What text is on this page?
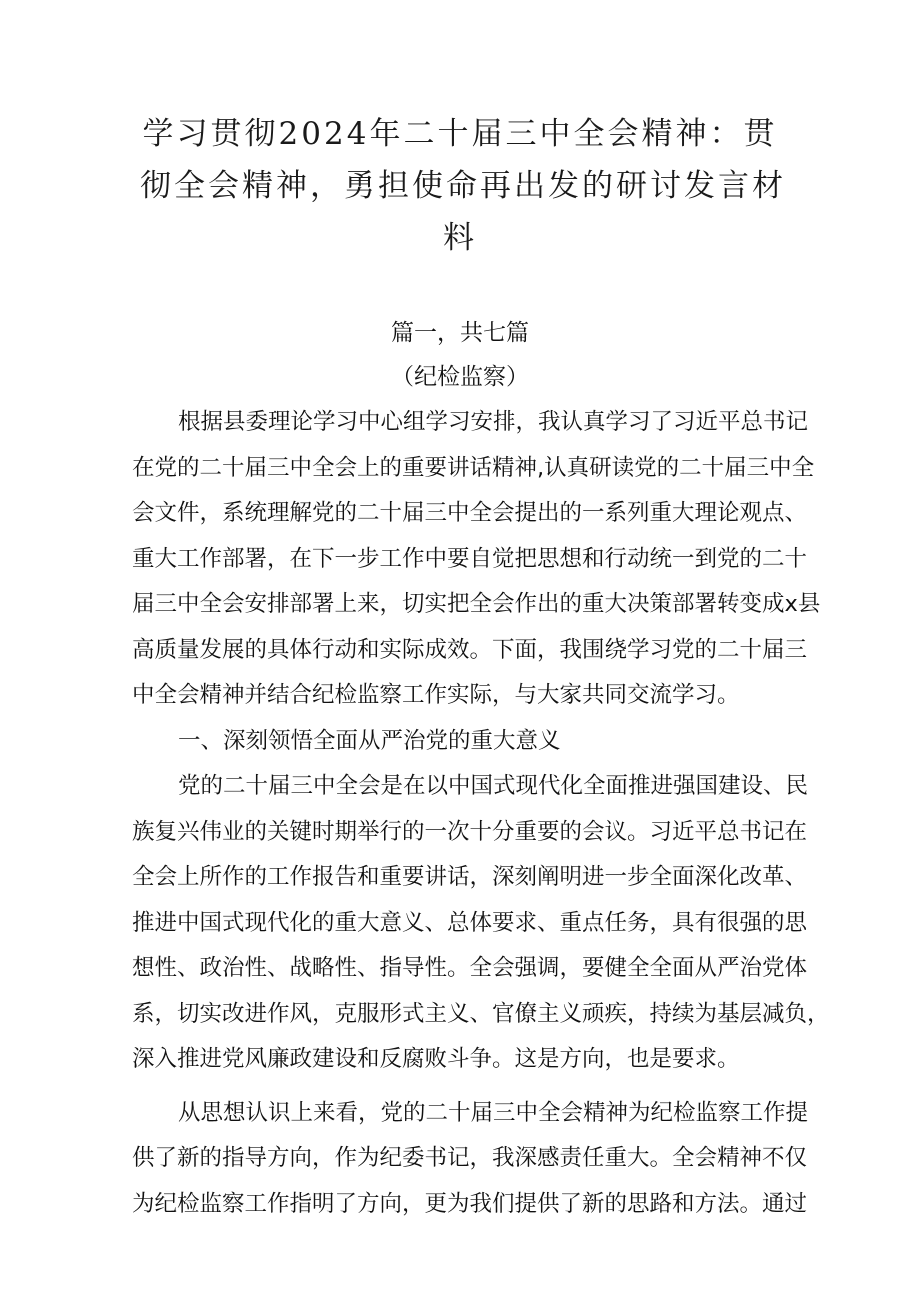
学习贯彻2024年二十届三中全会精神：贯
彻全会精神，勇担使命再出发的研讨发言材
料
篇一，共七篇
（纪检监察）
根据县委理论学习中心组学习安排，我认真学习了习近平总书记
在党的二十届三中全会上的重要讲话精神,认真研读党的二十届三中全
会文件，系统理解党的二十届三中全会提出的一系列重大理论观点、
重大工作部署，在下一步工作中要自觉把思想和行动统一到党的二十
届三中全会安排部署上来，切实把全会作出的重大决策部署转变成x县
高质量发展的具体行动和实际成效。下面，我围绕学习党的二十届三
中全会精神并结合纪检监察工作实际，与大家共同交流学习。
一、深刻领悟全面从严治党的重大意义
党的二十届三中全会是在以中国式现代化全面推进强国建设、民
族复兴伟业的关键时期举行的一次十分重要的会议。习近平总书记在
全会上所作的工作报告和重要讲话，深刻阐明进一步全面深化改革、
推进中国式现代化的重大意义、总体要求、重点任务，具有很强的思
想性、政治性、战略性、指导性。全会强调，要健全全面从严治党体
系，切实改进作风，克服形式主义、官僚主义顽疾，持续为基层减负，
深入推进党风廉政建设和反腐败斗争。这是方向，也是要求。
从思想认识上来看，党的二十届三中全会精神为纪检监察工作提
供了新的指导方向，作为纪委书记，我深感责任重大。全会精神不仅
为纪检监察工作指明了方向，更为我们提供了新的思路和方法。通过
